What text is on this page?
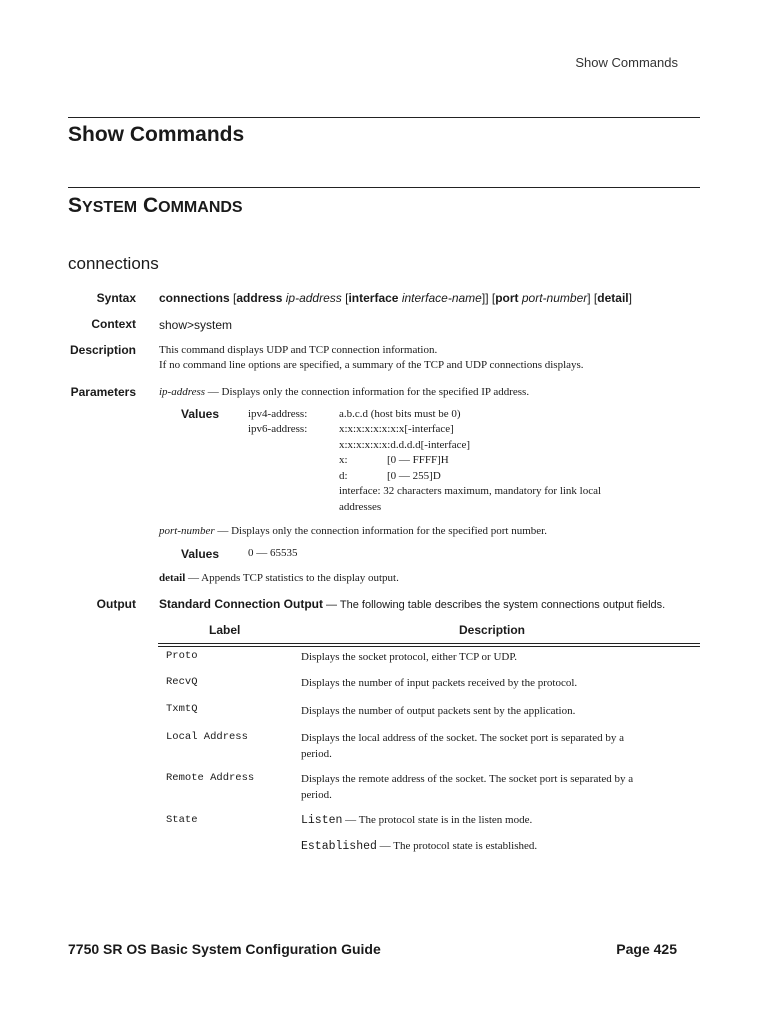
Show Commands
Show Commands
SYSTEM COMMANDS
connections
Syntax connections [address ip-address [interface interface-name]] [port port-number] [detail]
Context show>system
Description This command displays UDP and TCP connection information.
If no command line options are specified, a summary of the TCP and UDP connections displays.
Parameters ip-address — Displays only the connection information for the specified IP address.
Values	ipv4-address:	a.b.c.d (host bits must be 0)
ipv6-address:	x:x:x:x:x:x:x:x[-interface]
x:x:x:x:x:x:d.d.d.d[-interface]
x:	[0 — FFFF]H
d:	[0 — 255]D
interface: 32 characters maximum, mandatory for link local
addresses
port-number — Displays only the connection information for the specified port number.
Values	0 — 65535
detail — Appends TCP statistics to the display output.
Output Standard Connection Output — The following table describes the system connections output fields.
Label	Description
Proto	Displays the socket protocol, either TCP or UDP.
RecvQ	Displays the number of input packets received by the protocol.
TxmtQ	Displays the number of output packets sent by the application.
Local Address	Displays the local address of the socket. The socket port is separated by a
period.
Remote Address	Displays the remote address of the socket. The socket port is separated by a
period.
State	Listen — The protocol state is in the listen mode.
Established — The protocol state is established.
7750 SR OS Basic System Configuration Guide	Page 425
